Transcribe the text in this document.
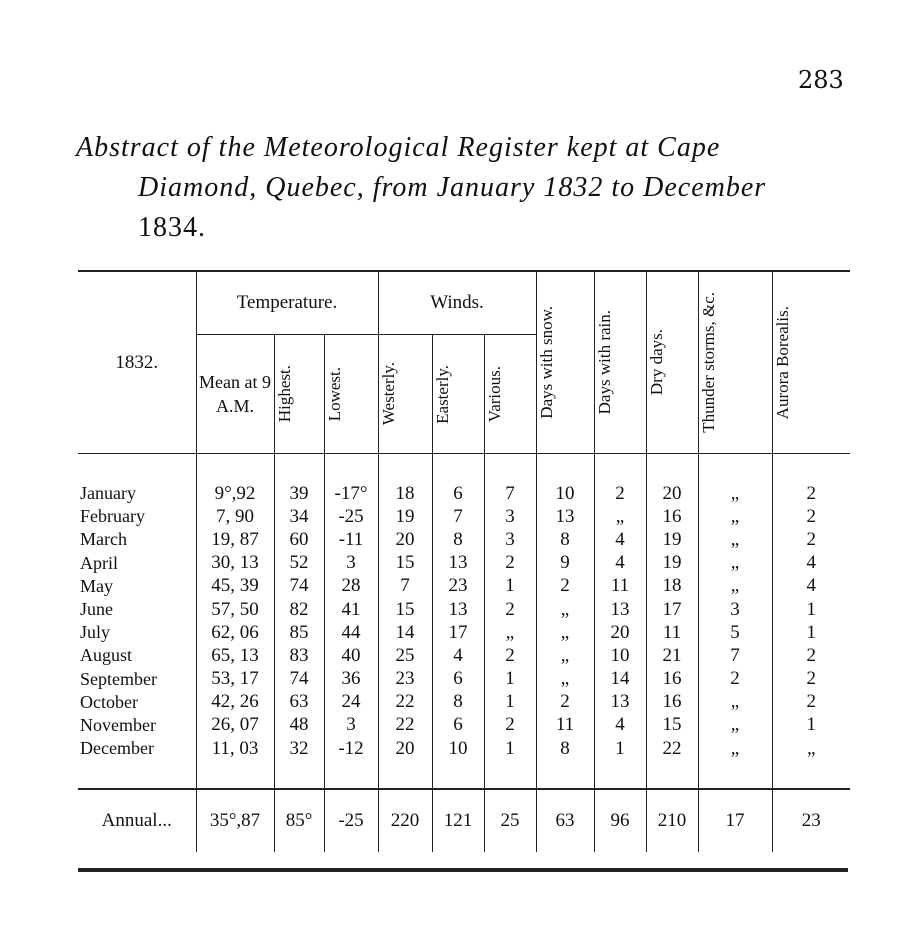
283
Abstract of the Meteorological Register kept at Cape
Diamond, Quebec, from January 1832 to December
1834.
1832.	Temperature.			Winds.			Days with snow.	Days with rain.	Dry days.	Thunder storms, &c.	Aurora Borealis.

	Mean at 9 A.M.	Highest.	Lowest.	Westerly.	Easterly.	Various.					

January	9°,92	39	-17°	18	6	7	10	2	20	„	2
February	7, 90	34	-25	19	7	3	13	„	16	„	2
March	19, 87	60	-11	20	8	3	8	4	19	„	2
April	30, 13	52	3	15	13	2	9	4	19	„	4
May	45, 39	74	28	7	23	1	2	11	18	„	4
June	57, 50	82	41	15	13	2	„	13	17	3	1
July	62, 06	85	44	14	17	„	„	20	11	5	1
August	65, 13	83	40	25	4	2	„	10	21	7	2
September	53, 17	74	36	23	6	1	„	14	16	2	2
October	42, 26	63	24	22	8	1	2	13	16	„	2
November	26, 07	48	3	22	6	2	11	4	15	„	1
December	11, 03	32	-12	20	10	1	8	1	22	„	„

Annual...	35°,87	85°	-25	220	121	25	63	96	210	17	23
